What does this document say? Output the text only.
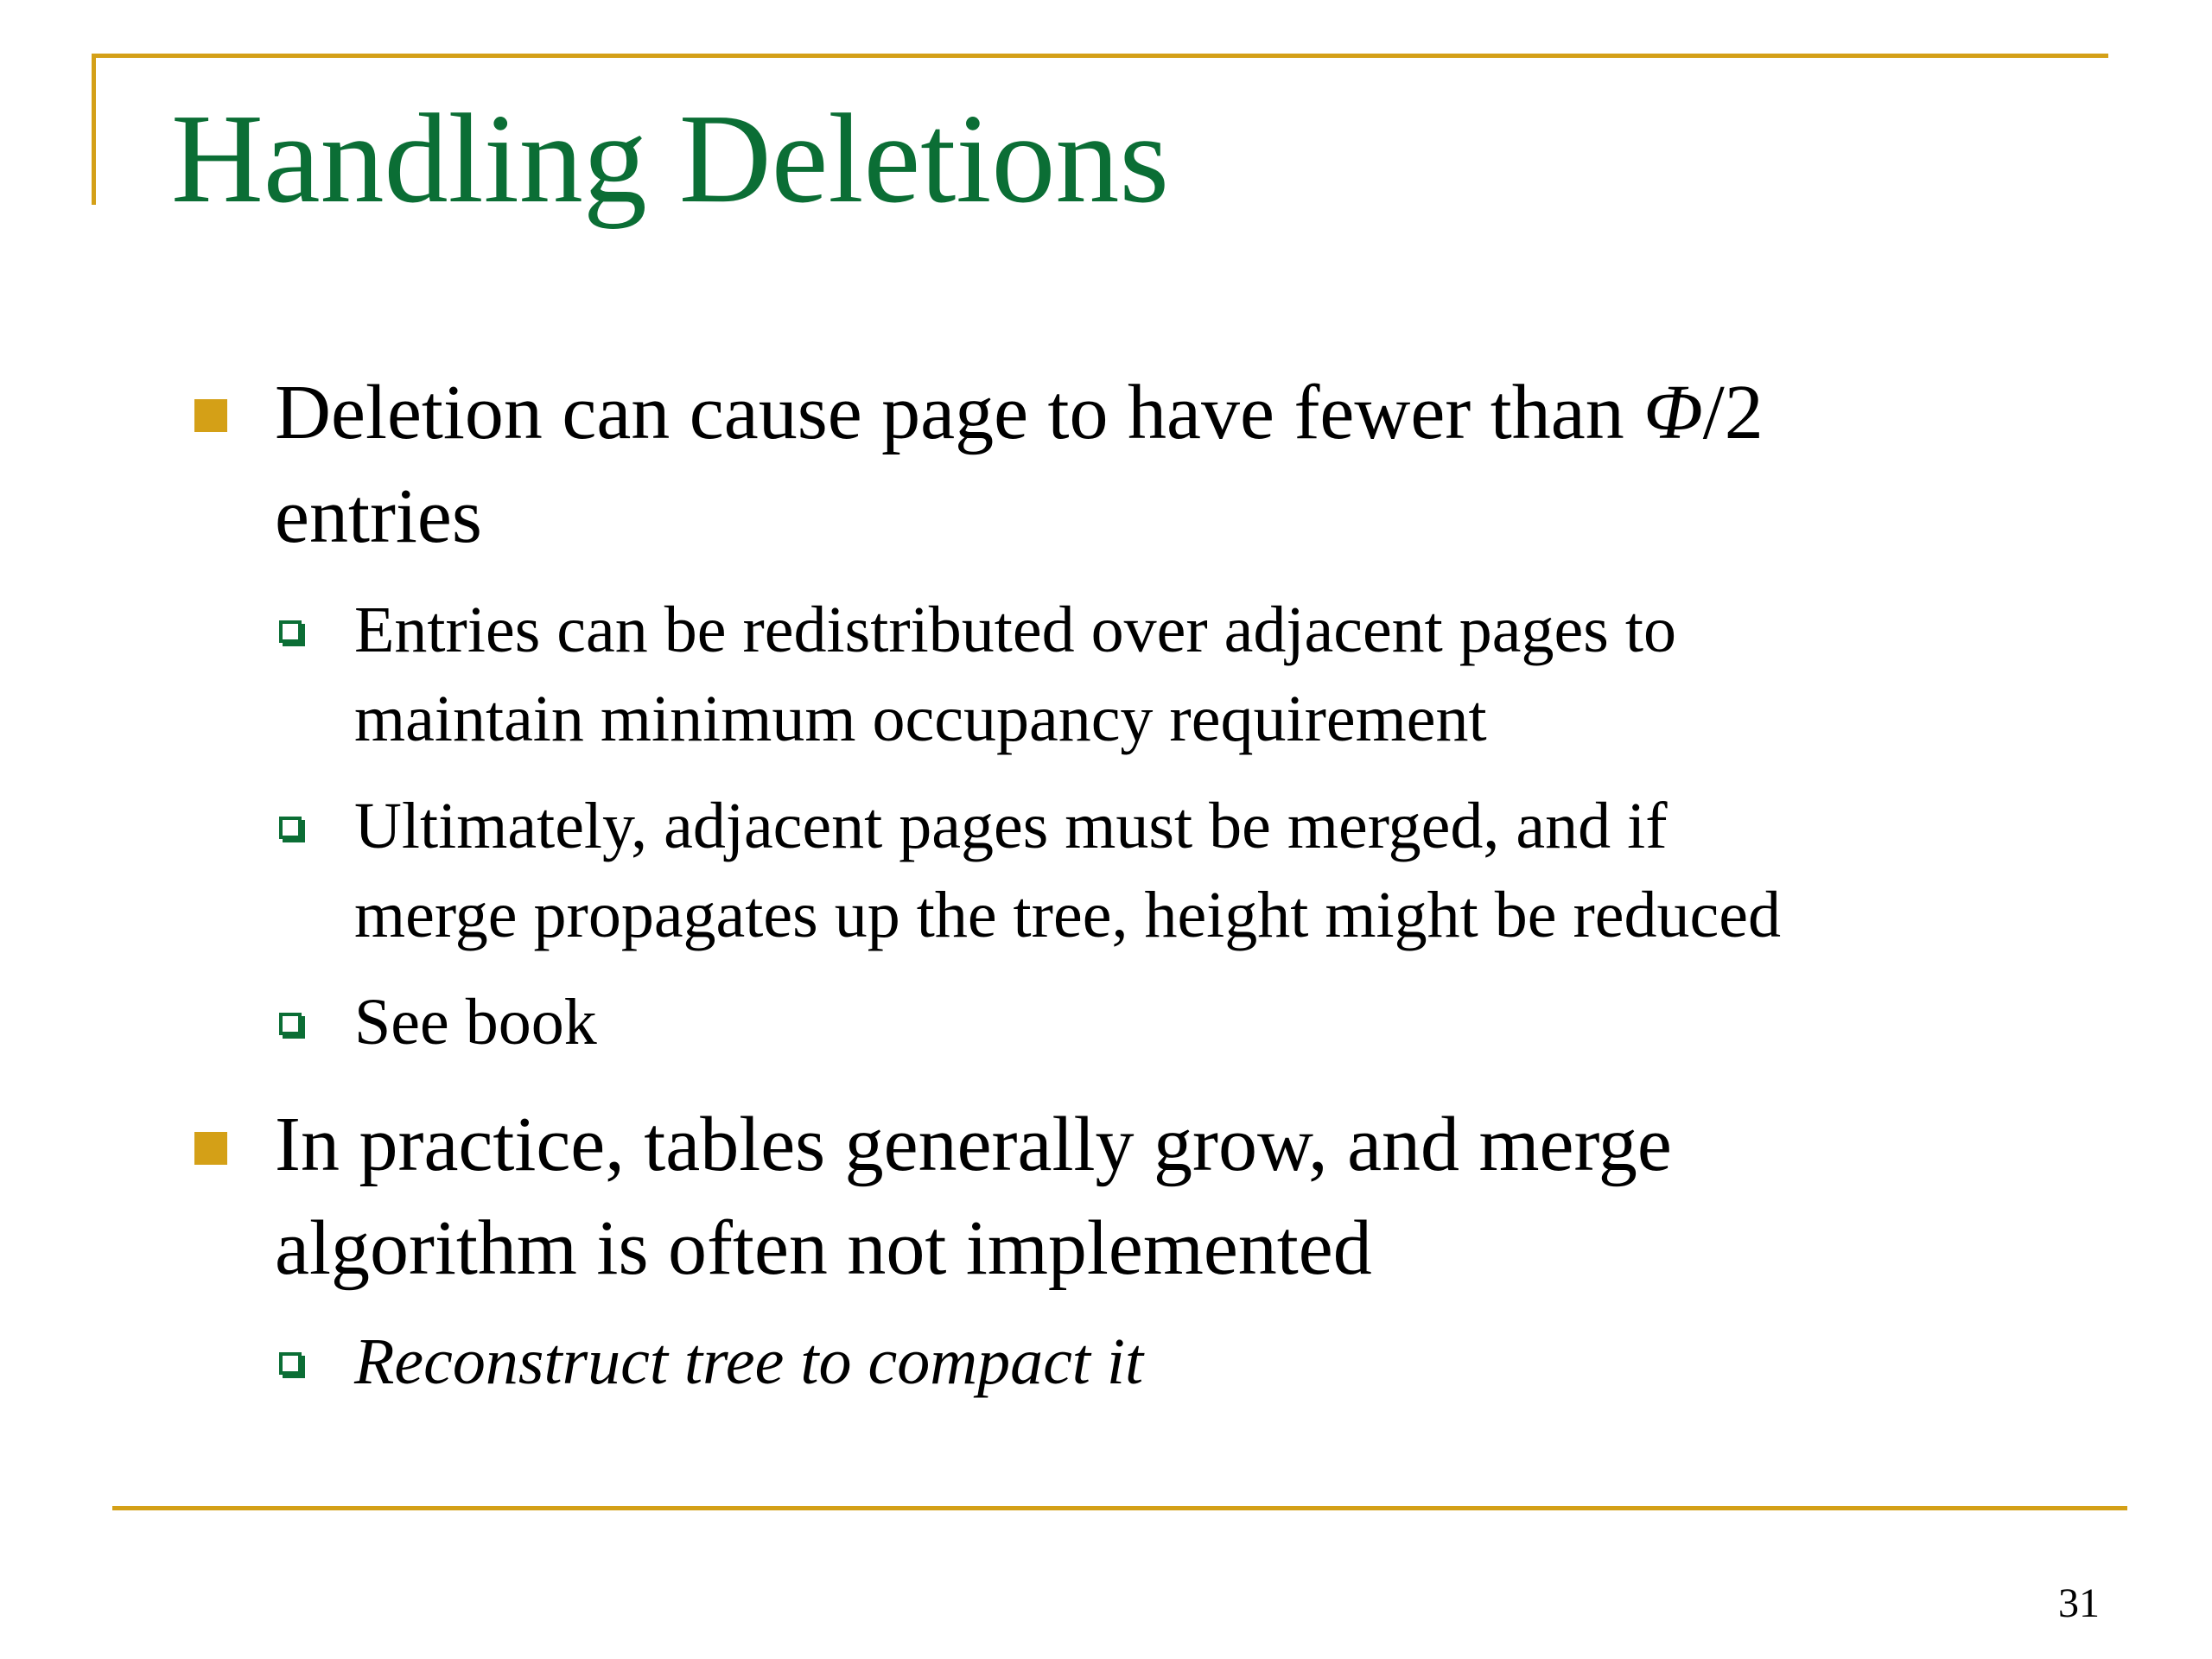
Handling Deletions

Deletion can cause page to have fewer than Φ/2

entries

Entries can be redistributed over adjacent pages to

maintain minimum occupancy requirement

Ultimately, adjacent pages must be merged, and if

merge propagates up the tree, height might be reduced

See book

In practice, tables generally grow, and merge

algorithm is often not implemented

Reconstruct tree to compact it

31
